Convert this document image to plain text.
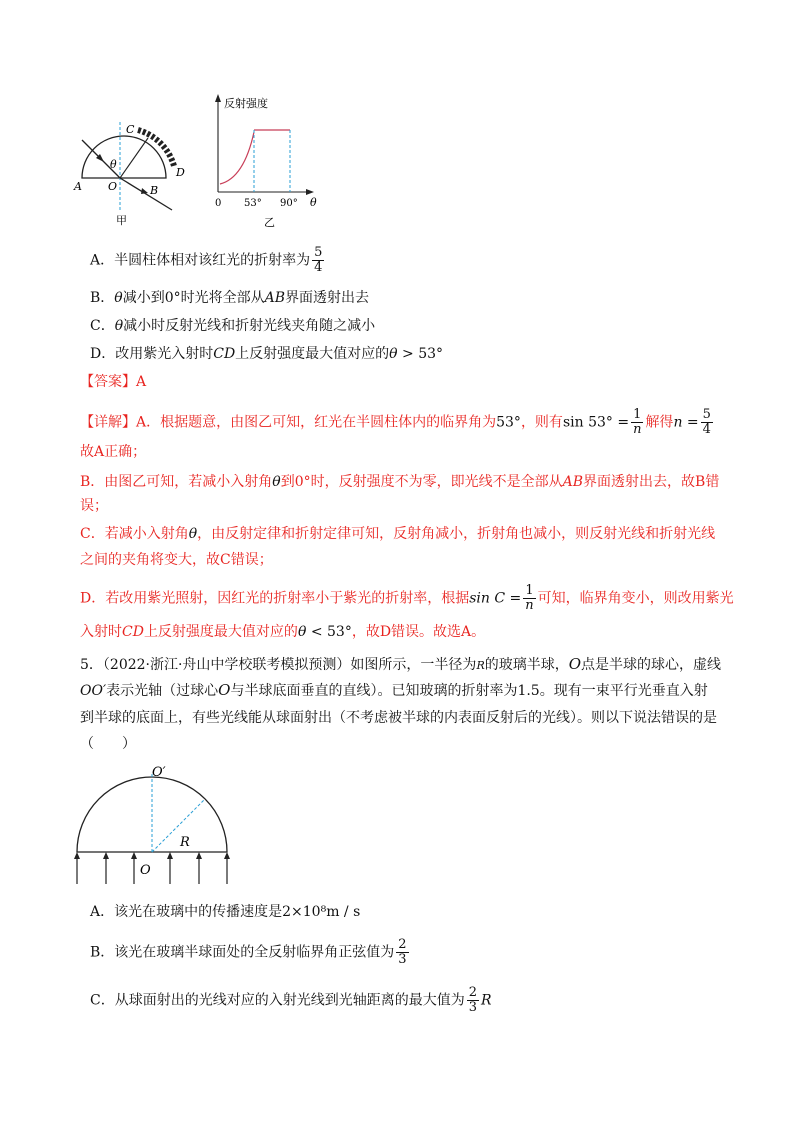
C
D
A	B
O
θ
甲
反射强度
0 53° 90° θ
乙
A．半圆柱体相对该红光的折射率为 $\frac{5}{4}$
B．θ减小到0°时光将全部从AB界面透射出去
C．θ减小时反射光线和折射光线夹角随之减小
D．改用紫光入射时CD上反射强度最大值对应的θ > 53°
【答案】A
【详解】A．根据题意，由图乙可知，红光在半圆柱体内的临界角为53°，则有$\sin 53^\circ = \frac{1}{n}$ 解得$n = \frac{5}{4}$
故A正确；
B．由图乙可知，若减小入射角θ到0°时，反射强度不为零，即光线不是全部从AB界面透射出去，故B错
误；
C．若减小入射角θ，由反射定律和折射定律可知，反射角减小，折射角也减小，则反射光线和折射光线
之间的夹角将变大，故C错误；
D．若改用紫光照射，因红光的折射率小于紫光的折射率，根据$\sin C = \frac{1}{n}$ 可知，临界角变小，则改用紫光
入射时CD上反射强度最大值对应的θ < 53°，故D错误。故选A。
5．（2022·浙江·舟山中学校联考模拟预测）如图所示，一半径为R的玻璃半球，O点是半球的球心，虚线
OO′表示光轴（过球心O与半球底面垂直的直线）。已知玻璃的折射率为1.5。现有一束平行光垂直入射
到半球的底面上，有些光线能从球面射出（不考虑被半球的内表面反射后的光线）。则以下说法错误的是
（　　）
O′
R
O
A．该光在玻璃中的传播速度是2×10⁸m / s
B．该光在玻璃半球面处的全反射临界角正弦值为 $\frac{2}{3}$
C．从球面射出的光线对应的入射光线到光轴距离的最大值为 $\frac{2}{3}$ R
